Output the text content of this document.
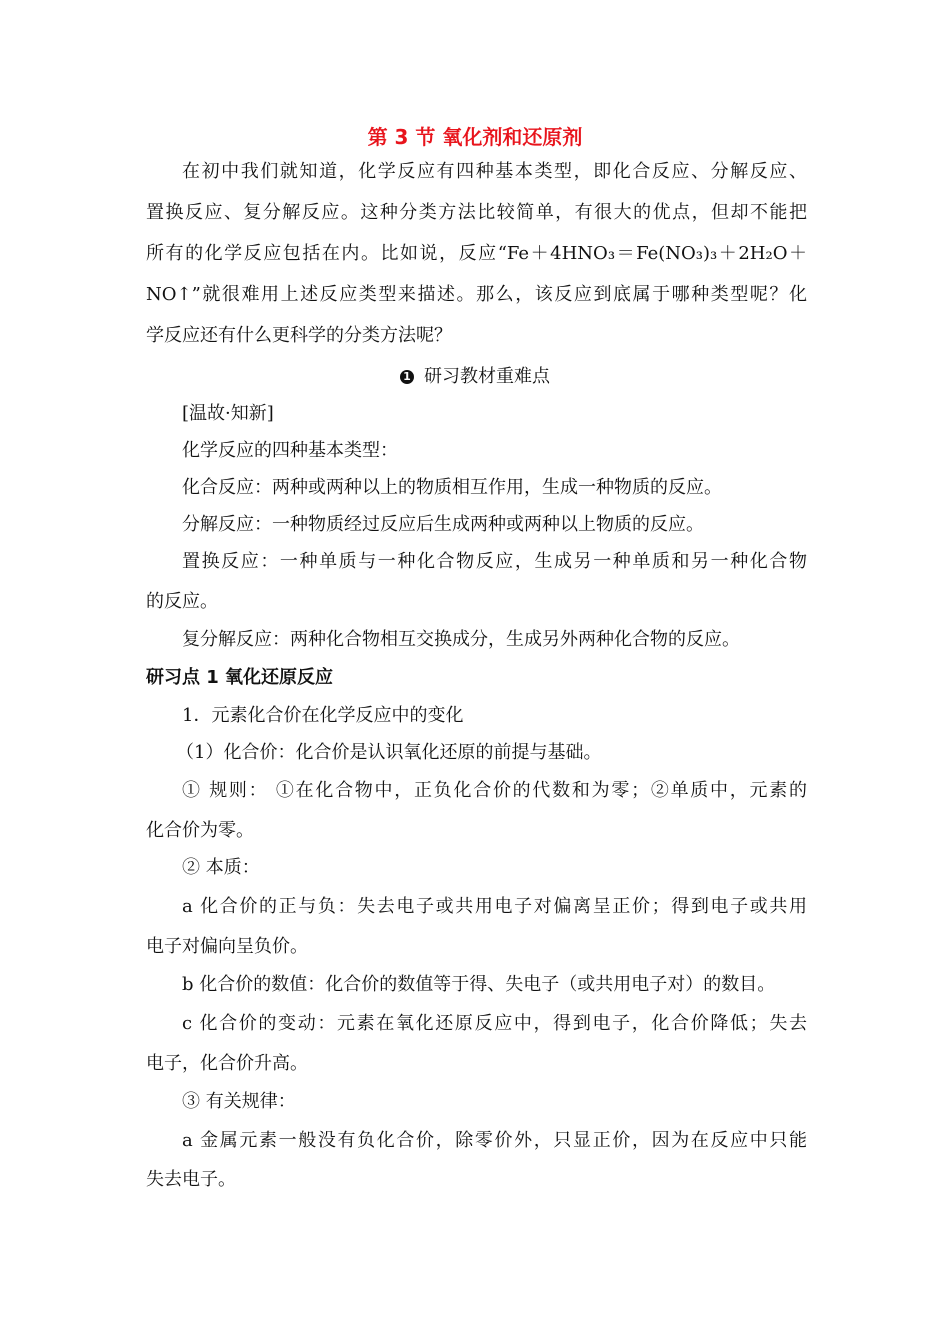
第 3 节 氧化剂和还原剂
在初中我们就知道，化学反应有四种基本类型，即化合反应、分解反应、
置换反应、复分解反应。这种分类方法比较简单，有很大的优点，但却不能把
所有的化学反应包括在内。比如说，反应“Fe＋4HNO₃＝Fe(NO₃)₃＋2H₂O＋
NO↑”就很难用上述反应类型来描述。那么，该反应到底属于哪种类型呢？化
学反应还有什么更科学的分类方法呢？
1 研习教材重难点
[温故·知新]
化学反应的四种基本类型：
化合反应：两种或两种以上的物质相互作用，生成一种物质的反应。
分解反应：一种物质经过反应后生成两种或两种以上物质的反应。
置换反应：一种单质与一种化合物反应，生成另一种单质和另一种化合物
的反应。
复分解反应：两种化合物相互交换成分，生成另外两种化合物的反应。
研习点 1 氧化还原反应
1．元素化合价在化学反应中的变化
（1）化合价：化合价是认识氧化还原的前提与基础。
① 规则： ①在化合物中，正负化合价的代数和为零；②单质中，元素的
化合价为零。
② 本质：
a 化合价的正与负：失去电子或共用电子对偏离呈正价；得到电子或共用
电子对偏向呈负价。
b 化合价的数值：化合价的数值等于得、失电子（或共用电子对）的数目。
c 化合价的变动：元素在氧化还原反应中，得到电子，化合价降低；失去
电子，化合价升高。
③ 有关规律：
a 金属元素一般没有负化合价，除零价外，只显正价，因为在反应中只能
失去电子。
